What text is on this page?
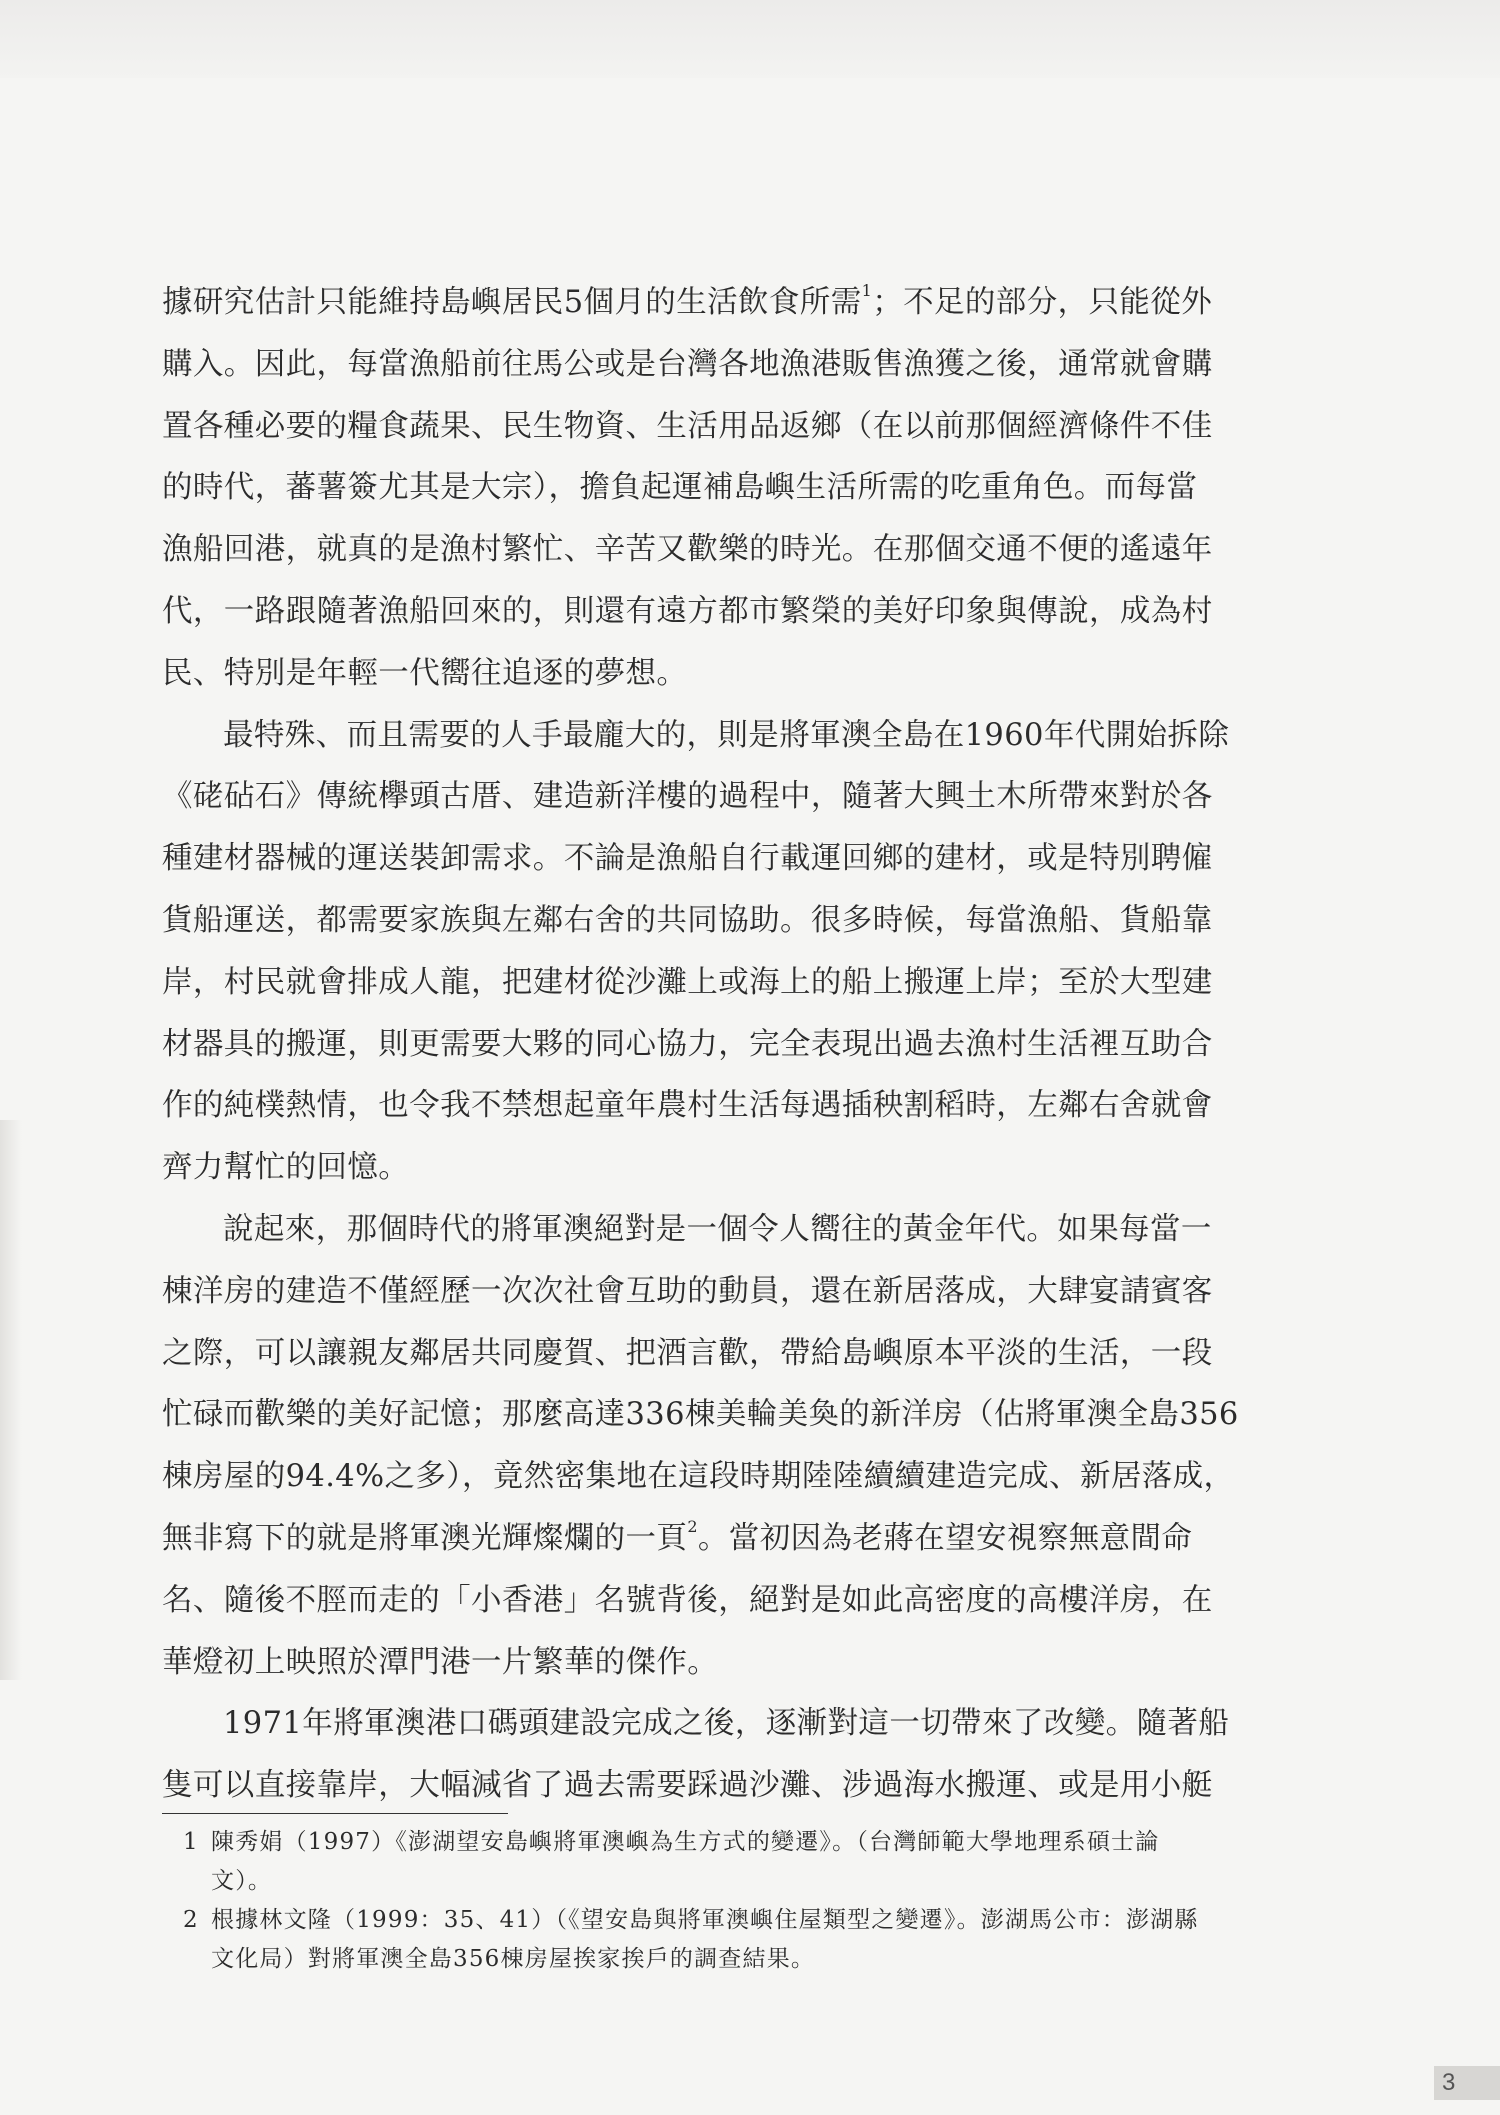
據研究估計只能維持島嶼居民5個月的生活飲食所需$^1$；不足的部分，只能從外
購入。因此，每當漁船前往馬公或是台灣各地漁港販售漁獲之後，通常就會購
置各種必要的糧食蔬果、民生物資、生活用品返鄉（在以前那個經濟條件不佳
的時代，蕃薯簽尤其是大宗），擔負起運補島嶼生活所需的吃重角色。而每當
漁船回港，就真的是漁村繁忙、辛苦又歡樂的時光。在那個交通不便的遙遠年
代，一路跟隨著漁船回來的，則還有遠方都市繁榮的美好印象與傳說，成為村
民、特別是年輕一代嚮往追逐的夢想。

最特殊、而且需要的人手最龐大的，則是將軍澳全島在1960年代開始拆除
《硓砧石》傳統欅頭古厝、建造新洋樓的過程中，隨著大興土木所帶來對於各
種建材器械的運送裝卸需求。不論是漁船自行載運回鄉的建材，或是特別聘僱
貨船運送，都需要家族與左鄰右舍的共同協助。很多時候，每當漁船、貨船靠
岸，村民就會排成人龍，把建材從沙灘上或海上的船上搬運上岸；至於大型建
材器具的搬運，則更需要大夥的同心協力，完全表現出過去漁村生活裡互助合
作的純樸熱情，也令我不禁想起童年農村生活每遇插秧割稻時，左鄰右舍就會
齊力幫忙的回憶。

說起來，那個時代的將軍澳絕對是一個令人嚮往的黃金年代。如果每當一
棟洋房的建造不僅經歷一次次社會互助的動員，還在新居落成，大肆宴請賓客
之際，可以讓親友鄰居共同慶賀、把酒言歡，帶給島嶼原本平淡的生活，一段
忙碌而歡樂的美好記憶；那麼高達336棟美輪美奐的新洋房（佔將軍澳全島356
棟房屋的94.4%之多），竟然密集地在這段時期陸陸續續建造完成、新居落成，
無非寫下的就是將軍澳光輝燦爛的一頁$^2$。當初因為老蔣在望安視察無意間命
名、隨後不脛而走的「小香港」名號背後，絕對是如此高密度的高樓洋房，在
華燈初上映照於潭門港一片繁華的傑作。

1971年將軍澳港口碼頭建設完成之後，逐漸對這一切帶來了改變。隨著船
隻可以直接靠岸，大幅減省了過去需要踩過沙灘、涉過海水搬運、或是用小艇

1 陳秀娟（1997）《澎湖望安島嶼將軍澳嶼為生方式的變遷》。（台灣師範大學地理系碩士論
文）。
2 根據林文隆（1999：35、41）（《望安島與將軍澳嶼住屋類型之變遷》。澎湖馬公市：澎湖縣
文化局）對將軍澳全島356棟房屋挨家挨戶的調查結果。
3
